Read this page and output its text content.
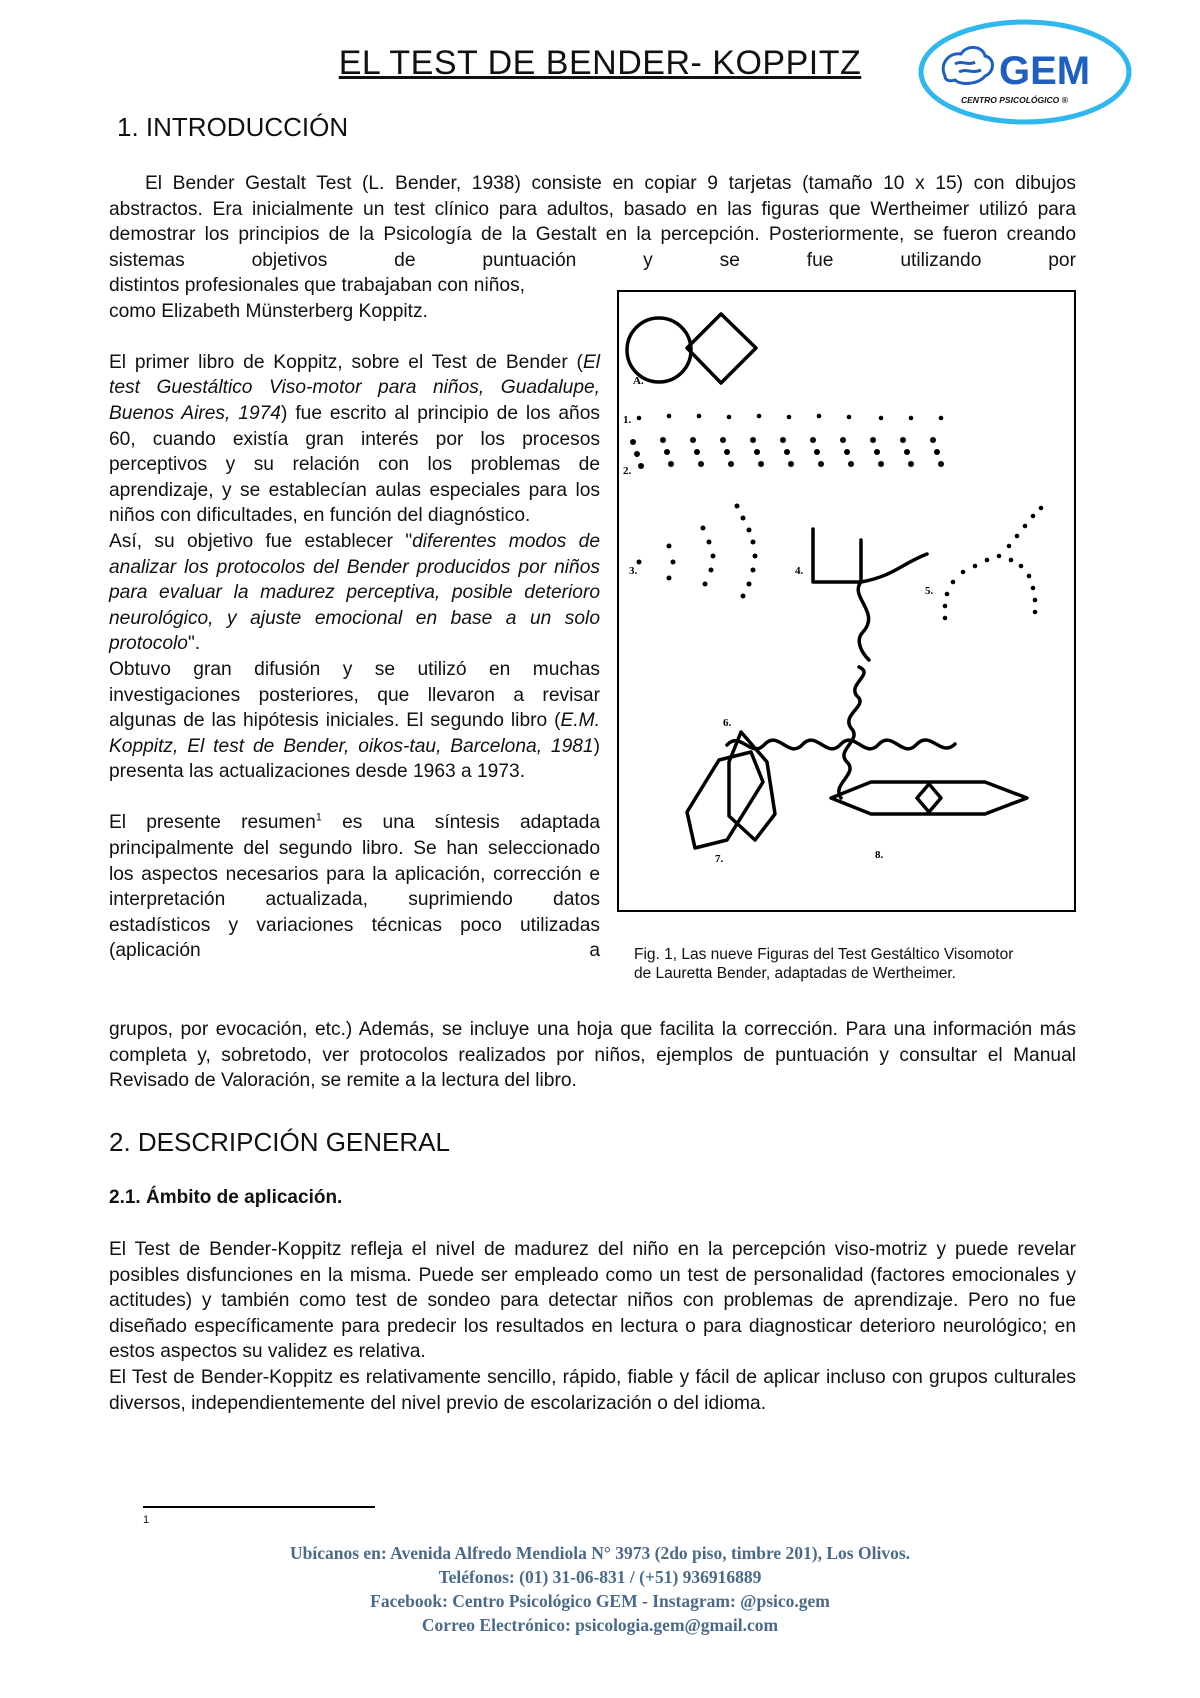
GEM
CENTRO PSICOLÓGICO ®
EL TEST DE BENDER- KOPPITZ
1. INTRODUCCIÓN

El Bender Gestalt Test (L. Bender, 1938) consiste en copiar 9 tarjetas (tamaño 10 x 15) con dibujos abstractos. Era inicialmente un test clínico para adultos, basado en las figuras que Wertheimer utilizó para demostrar los principios de la Psicología de la Gestalt en la percepción. Posteriormente, se fueron creando sistemas objetivos de puntuación y se fue utilizando por

distintos profesionales que trabajaban con niños,

como Elizabeth Münsterberg Koppitz.

El primer libro de Koppitz, sobre el Test de Bender (El test Guestáltico Viso-motor para niños, Guadalupe, Buenos Aires, 1974) fue escrito al principio de los años 60, cuando existía gran interés por los procesos perceptivos y su relación con los problemas de aprendizaje, y se establecían aulas especiales para los niños con dificultades, en función del diagnóstico.

Así, su objetivo fue establecer "diferentes modos de analizar los protocolos del Bender producidos por niños para evaluar la madurez perceptiva, posible deterioro neurológico, y ajuste emocional en base a un solo protocolo".

Obtuvo gran difusión y se utilizó en muchas investigaciones posteriores, que llevaron a revisar algunas de las hipótesis iniciales. El segundo libro (E.M. Koppitz, El test de Bender, oikos-tau, Barcelona, 1981) presenta las actualizaciones desde 1963 a 1973.

El presente resumen$^1$ es una síntesis adaptada principalmente del segundo libro. Se han seleccionado los aspectos necesarios para la aplicación, corrección e interpretación actualizada, suprimiendo datos estadísticos y variaciones técnicas poco utilizadas (aplicación a

grupos, por evocación, etc.) Además, se incluye una hoja que facilita la corrección. Para una información más completa y, sobretodo, ver protocolos realizados por niños, ejemplos de puntuación y consultar el Manual Revisado de Valoración, se remite a la lectura del libro.

A.
1.
2.
3.	4.
5.
6.
7.	8.
Fig. 1, Las nueve Figuras del Test Gestáltico Visomotor de Lauretta Bender, adaptadas de Wertheimer.
2. DESCRIPCIÓN GENERAL
2.1. Ámbito de aplicación.

El Test de Bender-Koppitz refleja el nivel de madurez del niño en la percepción viso-motriz y puede revelar posibles disfunciones en la misma. Puede ser empleado como un test de personalidad (factores emocionales y actitudes) y también como test de sondeo para detectar niños con problemas de aprendizaje. Pero no fue diseñado específicamente para predecir los resultados en lectura o para diagnosticar deterioro neurológico; en estos aspectos su validez es relativa.

El Test de Bender-Koppitz es relativamente sencillo, rápido, fiable y fácil de aplicar incluso con grupos culturales diversos, independientemente del nivel previo de escolarización o del idioma.

1
Ubícanos en: Avenida Alfredo Mendiola N° 3973 (2do piso, timbre 201), Los Olivos.
Teléfonos: (01) 31-06-831 / (+51) 936916889
Facebook: Centro Psicológico GEM - Instagram: @psico.gem
Correo Electrónico: psicologia.gem@gmail.com
